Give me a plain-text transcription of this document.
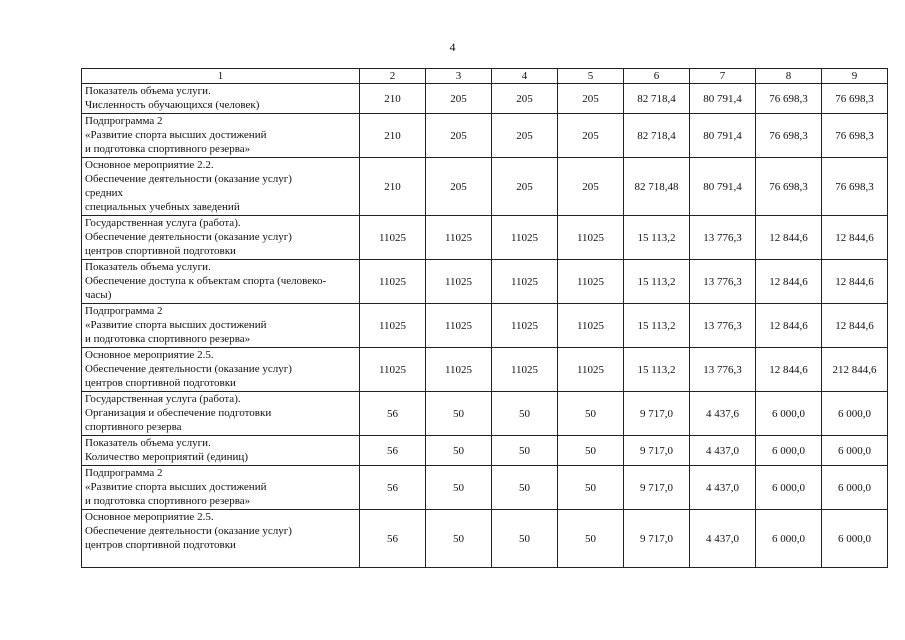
4
1	2	3	4	5	6	7	8	9
Показатель объема услуги.
Численность обучающихся (человек)	210	205	205	205	82 718,4	80 791,4	76 698,3	76 698,3
Подпрограмма 2
«Развитие спорта высших достижений
и подготовка спортивного резерва»	210	205	205	205	82 718,4	80 791,4	76 698,3	76 698,3
Основное мероприятие 2.2.
Обеспечение деятельности (оказание услуг)
средних
специальных учебных заведений	210	205	205	205	82 718,48	80 791,4	76 698,3	76 698,3
Государственная услуга (работа).
Обеспечение деятельности (оказание услуг)
центров спортивной подготовки	11025	11025	11025	11025	15 113,2	13 776,3	12 844,6	12 844,6
Показатель объема услуги.
Обеспечение доступа к объектам спорта (человеко-
часы)	11025	11025	11025	11025	15 113,2	13 776,3	12 844,6	12 844,6
Подпрограмма 2
«Развитие спорта высших достижений
и подготовка спортивного резерва»	11025	11025	11025	11025	15 113,2	13 776,3	12 844,6	12 844,6
Основное мероприятие 2.5.
Обеспечение деятельности (оказание услуг)
центров спортивной подготовки	11025	11025	11025	11025	15 113,2	13 776,3	12 844,6	212 844,6
Государственная услуга (работа).
Организация и обеспечение подготовки
спортивного резерва	56	50	50	50	9 717,0	4 437,6	6 000,0	6 000,0
Показатель объема услуги.
Количество мероприятий (единиц)	56	50	50	50	9 717,0	4 437,0	6 000,0	6 000,0
Подпрограмма 2
«Развитие спорта высших достижений
и подготовка спортивного резерва»	56	50	50	50	9 717,0	4 437,0	6 000,0	6 000,0
Основное мероприятие 2.5.
Обеспечение деятельности (оказание услуг)
центров спортивной подготовки	56	50	50	50	9 717,0	4 437,0	6 000,0	6 000,0
